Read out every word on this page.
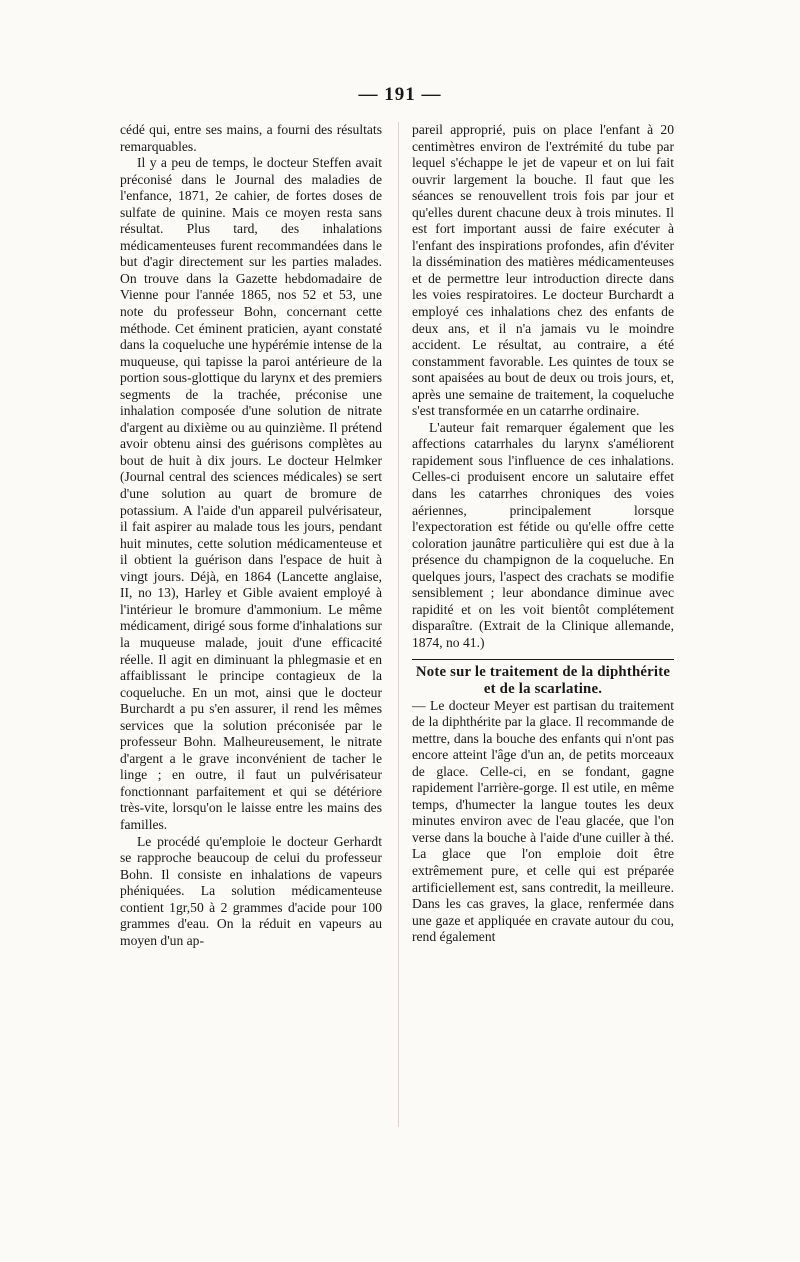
— 191 —

cédé qui, entre ses mains, a fourni des résultats remarquables.

Il y a peu de temps, le docteur Steffen avait préconisé dans le Journal des maladies de l'enfance, 1871, 2e cahier, de fortes doses de sulfate de quinine. Mais ce moyen resta sans résultat. Plus tard, des inhalations médicamenteuses furent recommandées dans le but d'agir directement sur les parties malades. On trouve dans la Gazette hebdomadaire de Vienne pour l'année 1865, nos 52 et 53, une note du professeur Bohn, concernant cette méthode. Cet éminent praticien, ayant constaté dans la coqueluche une hypérémie intense de la muqueuse, qui tapisse la paroi antérieure de la portion sous-glottique du larynx et des premiers segments de la trachée, préconise une inhalation composée d'une solution de nitrate d'argent au dixième ou au quinzième. Il prétend avoir obtenu ainsi des guérisons complètes au bout de huit à dix jours. Le docteur Helmker (Journal central des sciences médicales) se sert d'une solution au quart de bromure de potassium. A l'aide d'un appareil pulvérisateur, il fait aspirer au malade tous les jours, pendant huit minutes, cette solution médicamenteuse et il obtient la guérison dans l'espace de huit à vingt jours. Déjà, en 1864 (Lancette anglaise, II, no 13), Harley et Gible avaient employé à l'intérieur le bromure d'ammonium. Le même médicament, dirigé sous forme d'inhalations sur la muqueuse malade, jouit d'une efficacité réelle. Il agit en diminuant la phlegmasie et en affaiblissant le principe contagieux de la coqueluche. En un mot, ainsi que le docteur Burchardt a pu s'en assurer, il rend les mêmes services que la solution préconisée par le professeur Bohn. Malheureusement, le nitrate d'argent a le grave inconvénient de tacher le linge ; en outre, il faut un pulvérisateur fonctionnant parfaitement et qui se détériore très-vite, lorsqu'on le laisse entre les mains des familles.

Le procédé qu'emploie le docteur Gerhardt se rapproche beaucoup de celui du professeur Bohn. Il consiste en inhalations de vapeurs phéniquées. La solution médicamenteuse contient 1gr,50 à 2 grammes d'acide pour 100 grammes d'eau. On la réduit en vapeurs au moyen d'un ap-

pareil approprié, puis on place l'enfant à 20 centimètres environ de l'extrémité du tube par lequel s'échappe le jet de vapeur et on lui fait ouvrir largement la bouche. Il faut que les séances se renouvellent trois fois par jour et qu'elles durent chacune deux à trois minutes. Il est fort important aussi de faire exécuter à l'enfant des inspirations profondes, afin d'éviter la dissémination des matières médicamenteuses et de permettre leur introduction directe dans les voies respiratoires. Le docteur Burchardt a employé ces inhalations chez des enfants de deux ans, et il n'a jamais vu le moindre accident. Le résultat, au contraire, a été constamment favorable. Les quintes de toux se sont apaisées au bout de deux ou trois jours, et, après une semaine de traitement, la coqueluche s'est transformée en un catarrhe ordinaire.

L'auteur fait remarquer également que les affections catarrhales du larynx s'améliorent rapidement sous l'influence de ces inhalations. Celles-ci produisent encore un salutaire effet dans les catarrhes chroniques des voies aériennes, principalement lorsque l'expectoration est fétide ou qu'elle offre cette coloration jaunâtre particulière qui est due à la présence du champignon de la coqueluche. En quelques jours, l'aspect des crachats se modifie sensiblement ; leur abondance diminue avec rapidité et on les voit bientôt complétement disparaître. (Extrait de la Clinique allemande, 1874, no 41.)

Note sur le traitement de la diphthérite et de la scarlatine.

— Le docteur Meyer est partisan du traitement de la diphthérite par la glace. Il recommande de mettre, dans la bouche des enfants qui n'ont pas encore atteint l'âge d'un an, de petits morceaux de glace. Celle-ci, en se fondant, gagne rapidement l'arrière-gorge. Il est utile, en même temps, d'humecter la langue toutes les deux minutes environ avec de l'eau glacée, que l'on verse dans la bouche à l'aide d'une cuiller à thé. La glace que l'on emploie doit être extrêmement pure, et celle qui est préparée artificiellement est, sans contredit, la meilleure. Dans les cas graves, la glace, renfermée dans une gaze et appliquée en cravate autour du cou, rend également
